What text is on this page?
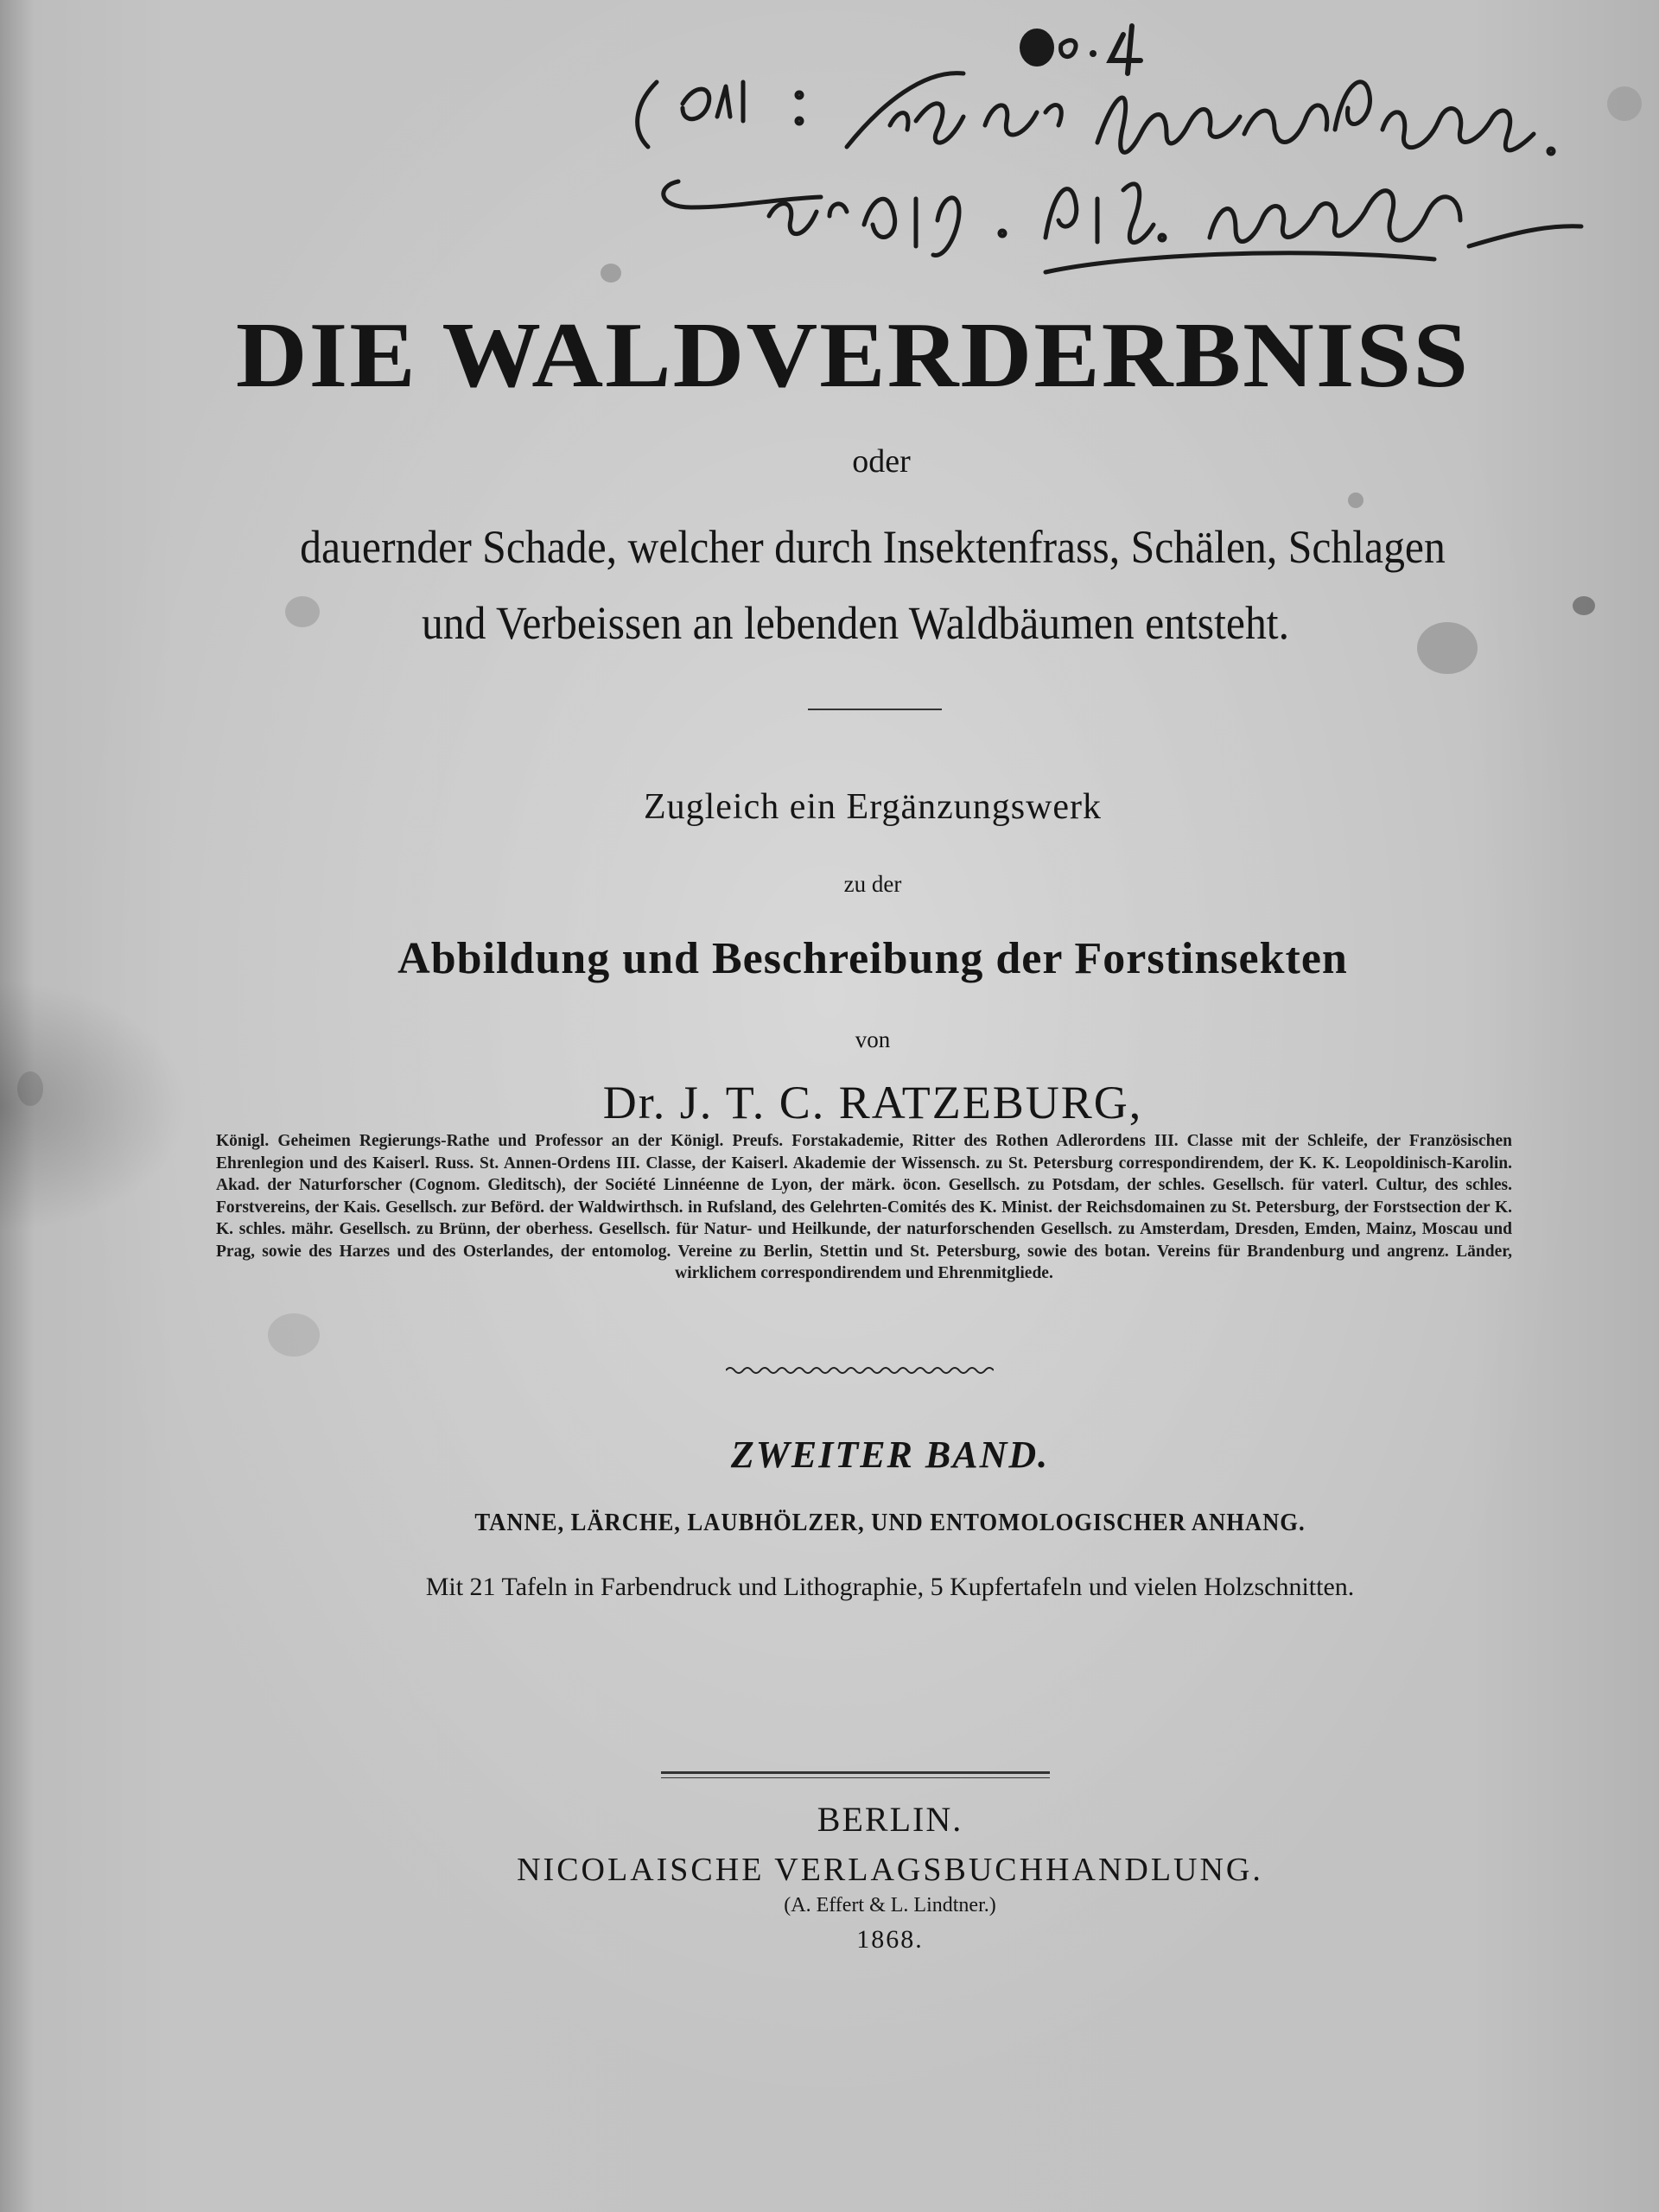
DIE WALDVERDERBNISS
oder
dauernder Schade, welcher durch Insektenfrass, Schälen, Schlagen
und Verbeissen an lebenden Waldbäumen entsteht.
Zugleich ein Ergänzungswerk
zu der
Abbildung und Beschreibung der Forstinsekten
von
Dr. J. T. C. RATZEBURG,
Königl. Geheimen Regierungs-Rathe und Professor an der Königl. Preufs. Forstakademie, Ritter des Rothen Adlerordens III. Classe mit der Schleife, der Französischen Ehrenlegion und des Kaiserl. Russ. St. Annen-Ordens III. Classe, der Kaiserl. Akademie der Wissensch. zu St. Petersburg correspondirendem, der K. K. Leopoldinisch-Karolin. Akad. der Naturforscher (Cognom. Gleditsch), der Société Linnéenne de Lyon, der märk. öcon. Gesellsch. zu Potsdam, der schles. Gesellsch. für vaterl. Cultur, des schles. Forstvereins, der Kais. Gesellsch. zur Beförd. der Waldwirthsch. in Rufsland, des Gelehrten-Comités des K. Minist. der Reichsdomainen zu St. Petersburg, der Forstsection der K. K. schles. mähr. Gesellsch. zu Brünn, der oberhess. Gesellsch. für Natur- und Heilkunde, der naturforschenden Gesellsch. zu Amsterdam, Dresden, Emden, Mainz, Moscau und Prag, sowie des Harzes und des Osterlandes, der entomolog. Vereine zu Berlin, Stettin und St. Petersburg, sowie des botan. Vereins für Brandenburg und angrenz. Länder, wirklichem correspondirendem und Ehrenmitgliede.
ZWEITER BAND.
TANNE, LÄRCHE, LAUBHÖLZER, UND ENTOMOLOGISCHER ANHANG.
Mit 21 Tafeln in Farbendruck und Lithographie, 5 Kupfertafeln und vielen Holzschnitten.
BERLIN.
NICOLAISCHE VERLAGSBUCHHANDLUNG.
(A. Effert & L. Lindtner.)
1868.
